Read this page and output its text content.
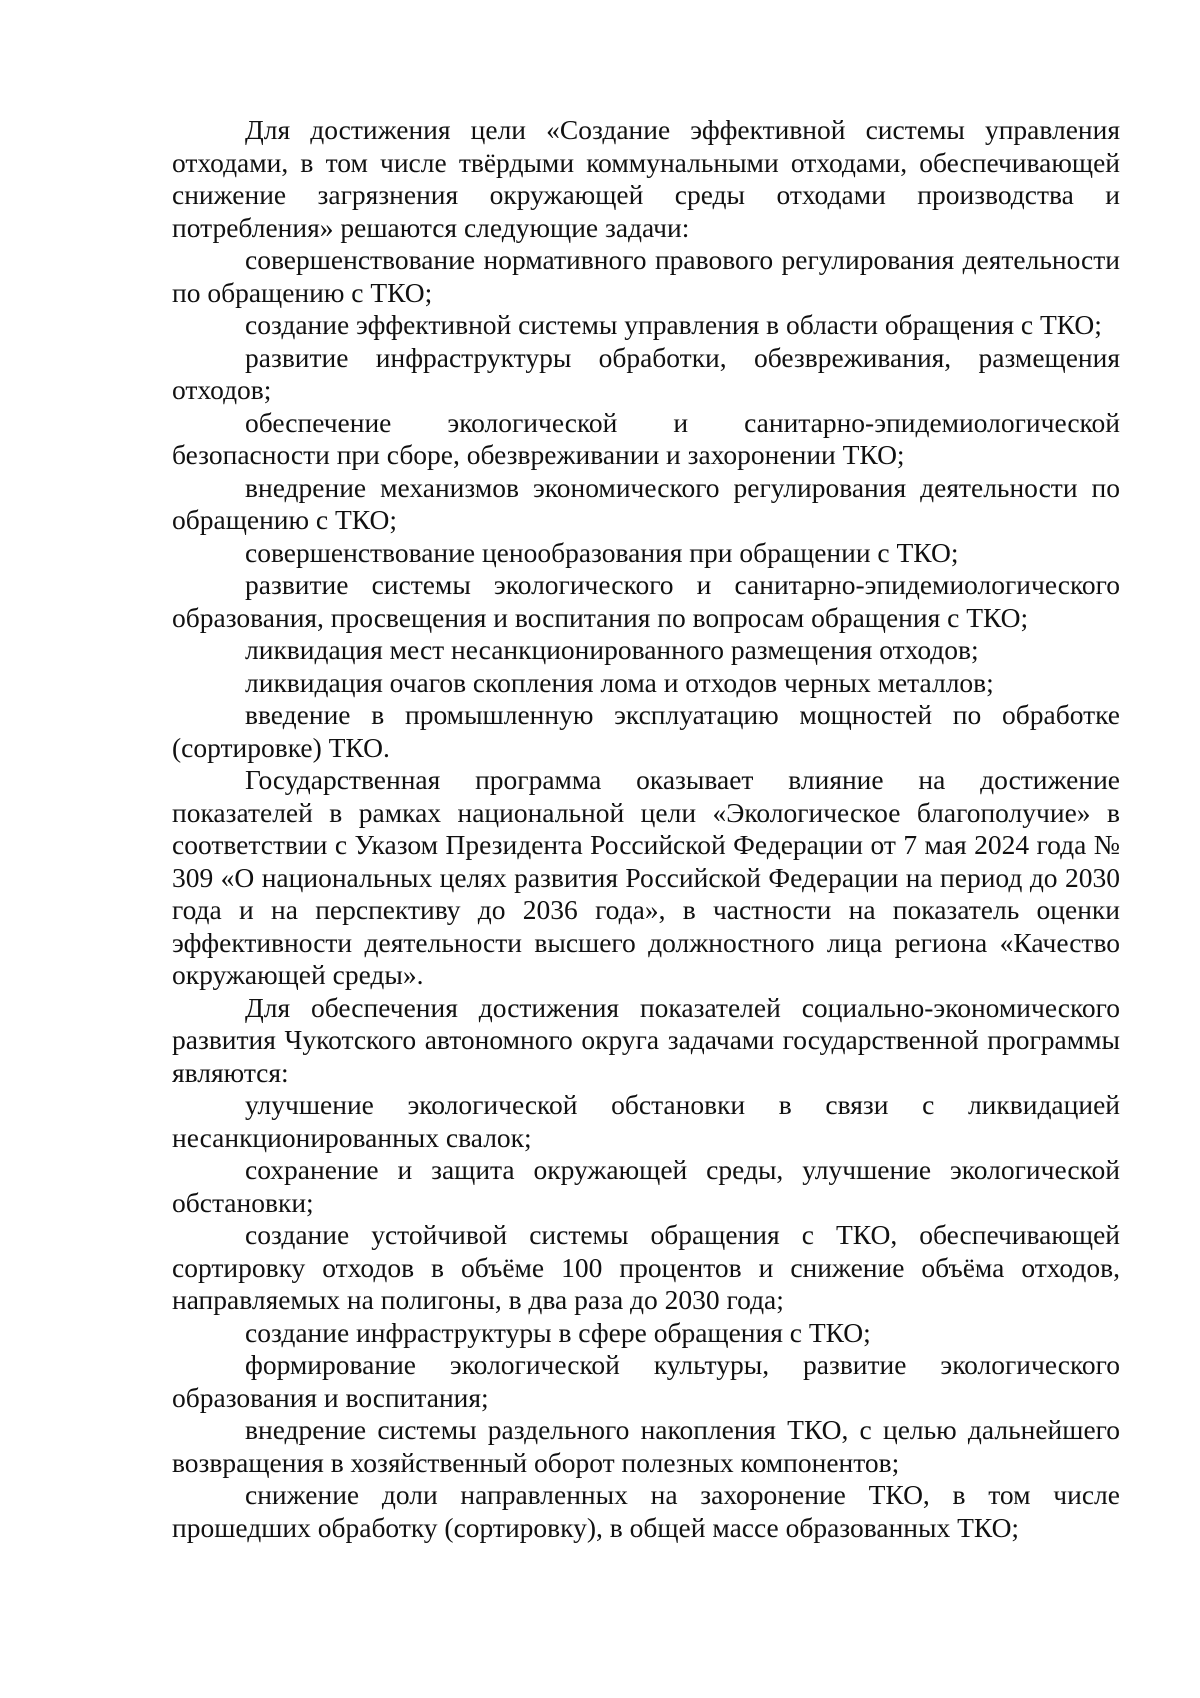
Для достижения цели «Создание эффективной системы управления отходами, в том числе твёрдыми коммунальными отходами, обеспечивающей снижение загрязнения окружающей среды отходами производства и потребления» решаются следующие задачи:

совершенствование нормативного правового регулирования деятельности по обращению с ТКО;

создание эффективной системы управления в области обращения с ТКО;

развитие инфраструктуры обработки, обезвреживания, размещения отходов;

обеспечение экологической и санитарно-эпидемиологической безопасности при сборе, обезвреживании и захоронении ТКО;

внедрение механизмов экономического регулирования деятельности по обращению с ТКО;

совершенствование ценообразования при обращении с ТКО;

развитие системы экологического и санитарно-эпидемиологического образования, просвещения и воспитания по вопросам обращения с ТКО;

ликвидация мест несанкционированного размещения отходов;

ликвидация очагов скопления лома и отходов черных металлов;

введение в промышленную эксплуатацию мощностей по обработке (сортировке) ТКО.

Государственная программа оказывает влияние на достижение показателей в рамках национальной цели «Экологическое благополучие» в соответствии с Указом Президента Российской Федерации от 7 мая 2024 года № 309 «О национальных целях развития Российской Федерации на период до 2030 года и на перспективу до 2036 года», в частности на показатель оценки эффективности деятельности высшего должностного лица региона «Качество окружающей среды».

Для обеспечения достижения показателей социально-экономического развития Чукотского автономного округа задачами государственной программы являются:

улучшение экологической обстановки в связи с ликвидацией несанкционированных свалок;

сохранение и защита окружающей среды, улучшение экологической обстановки;

создание устойчивой системы обращения с ТКО, обеспечивающей сортировку отходов в объёме 100 процентов и снижение объёма отходов, направляемых на полигоны, в два раза до 2030 года;

создание инфраструктуры в сфере обращения с ТКО;

формирование экологической культуры, развитие экологического образования и воспитания;

внедрение системы раздельного накопления ТКО, с целью дальнейшего возвращения в хозяйственный оборот полезных компонентов;

снижение доли направленных на захоронение ТКО, в том числе прошедших обработку (сортировку), в общей массе образованных ТКО;
